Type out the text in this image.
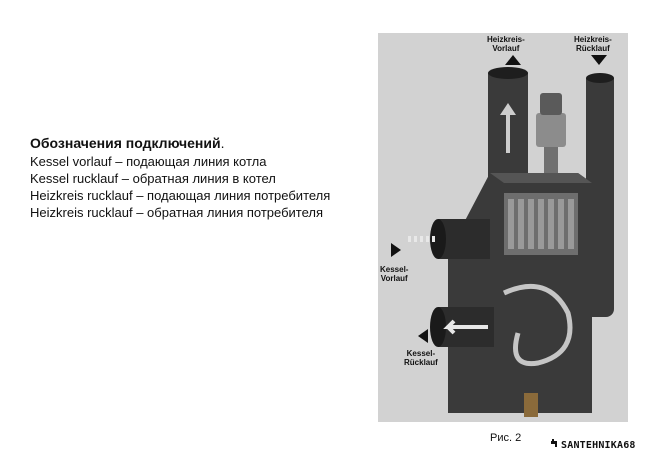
Обозначения подключений.
Kessel vorlauf – подающая линия котла
Kessel rucklauf – обратная линия в котел
Heizkreis rucklauf – подающая линия потребителя
Heizkreis rucklauf – обратная линия потребителя
Heizkreis-
Vorlauf
Heizkreis-
Rücklauf
Kessel-
Vorlauf
Kessel-
Rücklauf
Рис. 2
SANTEHNIKA68
